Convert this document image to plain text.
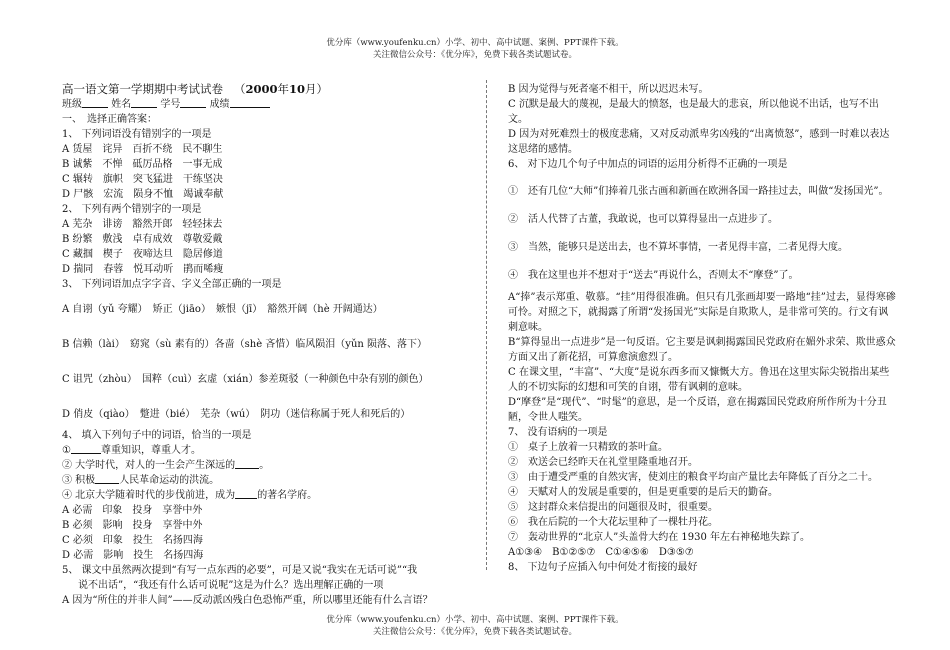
优分库（www.youfenku.cn）小学、初中、高中试题、案例、PPT课件下载。
关注微信公众号：《优分库》，免费下载各类试题试卷。
高一语文第一学期期中考试试卷 （2000年10月）
班级	姓名	学号	成绩
一、　选择正确答案：
1、 下列词语没有错别字的一项是
A 赁屋　诧异　百折不绕　民不聊生
B 诚紫　不惮　砥厉品格　一事无成
C 辗转　旗帜　突飞猛进　干练坚决
D 尸骸　宏流　陨身不恤　竭诚奉献
2、 下列有两个错别字的一项是
A 芜杂　诽谤　豁然开郎　轻轻抹去
B 纷繁　敷浅　卓有成效　尊敬爱戴
C 藏掴　楔子　夜啼达旦　隐居修道
D 揣同　春蓉　悦耳动听　鹃而唏瘦
3、 下列词语加点字字音、字义全部正确的一项是
A 自诩（yǔ 夸耀）　矫正（jiāo）　嫉恨（jī）　豁然开阔（hè 开阔通达）
B 信赖（lài）　窈窕（sù 素有的）各啬（shè 吝惜）临风陨泪（yǔn 陨落、落下）
C 诅咒（zhòu）　国粹（cuì）玄虚（xián）参差斑驳（一种颜色中杂有别的颜色）
D 俏皮（qiào）　蹩进（bié）　芜杂（wú）　阴功（迷信称属于死人和死后的）
4、 填入下列句子中的词语，恰当的一项是
①	尊重知识，尊重人才。
② 大学时代，对人的一生会产生深远的 。
③ 积极 人民革命运动的洪流。
④ 北京大学随着时代的步伐前进，成为 的著名学府。
A 必需　印象　投身　享誉中外
B 必须　影响　投身　享誉中外
C 必须　印象　投生　名扬四海
D 必需　影响　投生　名扬四海
5、 课文中虽然两次提到“有写一点东西的必要”，可是又说“我实在无话可说”“我
说不出话”，“我还有什么话可说呢”这是为什么？选出理解正确的一项
A 因为“所住的并非人间”——反动派凶残白色恐怖严重，所以哪里还能有什么言语？
B 因为觉得与死者毫不相干，所以迟迟未写。
C 沉默是最大的蔑视，是最大的愤怒，也是最大的悲哀，所以他说不出话，也写不出文。
D 因为对死难烈士的极度悲痛，又对反动派卑劣凶残的“出离愤怒”，感到一时难以表达这思绪的感情。
6、 对下边几个句子中加点的词语的运用分析得不正确的一项是
①　还有几位“大师”们捧着几张古画和新画在欧洲各国一路挂过去，叫做“发扬国光”。
②　活人代替了古董，我敢说，也可以算得显出一点进步了。
③　当然，能够只是送出去，也不算坏事情，一者见得丰富，二者见得大度。
④　我在这里也并不想对于“送去”再说什么，否则太不“摩登”了。
A“捧”表示郑重、敬慕。“挂”用得很准确。但只有几张画却要一路地“挂”过去，显得寒碜可怜。对照之下，就揭露了所谓“发扬国光”实际是自欺欺人，是非常可笑的。行文有讽刺意味。
B“算得显出一点进步”是一句反语。它主要是讽刺揭露国民党政府在媚外求荣、欺世惑众方面又出了新花招，可算愈演愈烈了。
C 在课文里，“丰富”、“大度”是说东西多而又慷慨大方。鲁迅在这里实际尖锐指出某些人的不切实际的幻想和可笑的自诩，带有讽刺的意味。
D“摩登”是“现代”、“时髦”的意思，是一个反语，意在揭露国民党政府所作所为十分丑陋，令世人嗤笑。
7、 没有语病的一项是
①　桌子上放着一只精致的茶叶盒。
②　欢送会已经昨天在礼堂里隆重地召开。
③　由于遭受严重的自然灾害，使刘庄的粮食平均亩产量比去年降低了百分之二十。
④　天赋对人的发展是重要的，但是更重要的是后天的勤奋。
⑤　这封群众来信提出的问题很及时，很重要。
⑥　我在后院的一个大花坛里种了一棵牡丹花。
⑦　轰动世界的“北京人”头盖骨大约在 1930 年左右神秘地失踪了。
A①③④　B①②⑤⑦　C①④⑤⑥　D③⑤⑦
8、 下边句子应插入句中何处才衔接的最好
优分库（www.youfenku.cn）小学、初中、高中试题、案例、PPT课件下载。
关注微信公众号：《优分库》，免费下载各类试题试卷。
